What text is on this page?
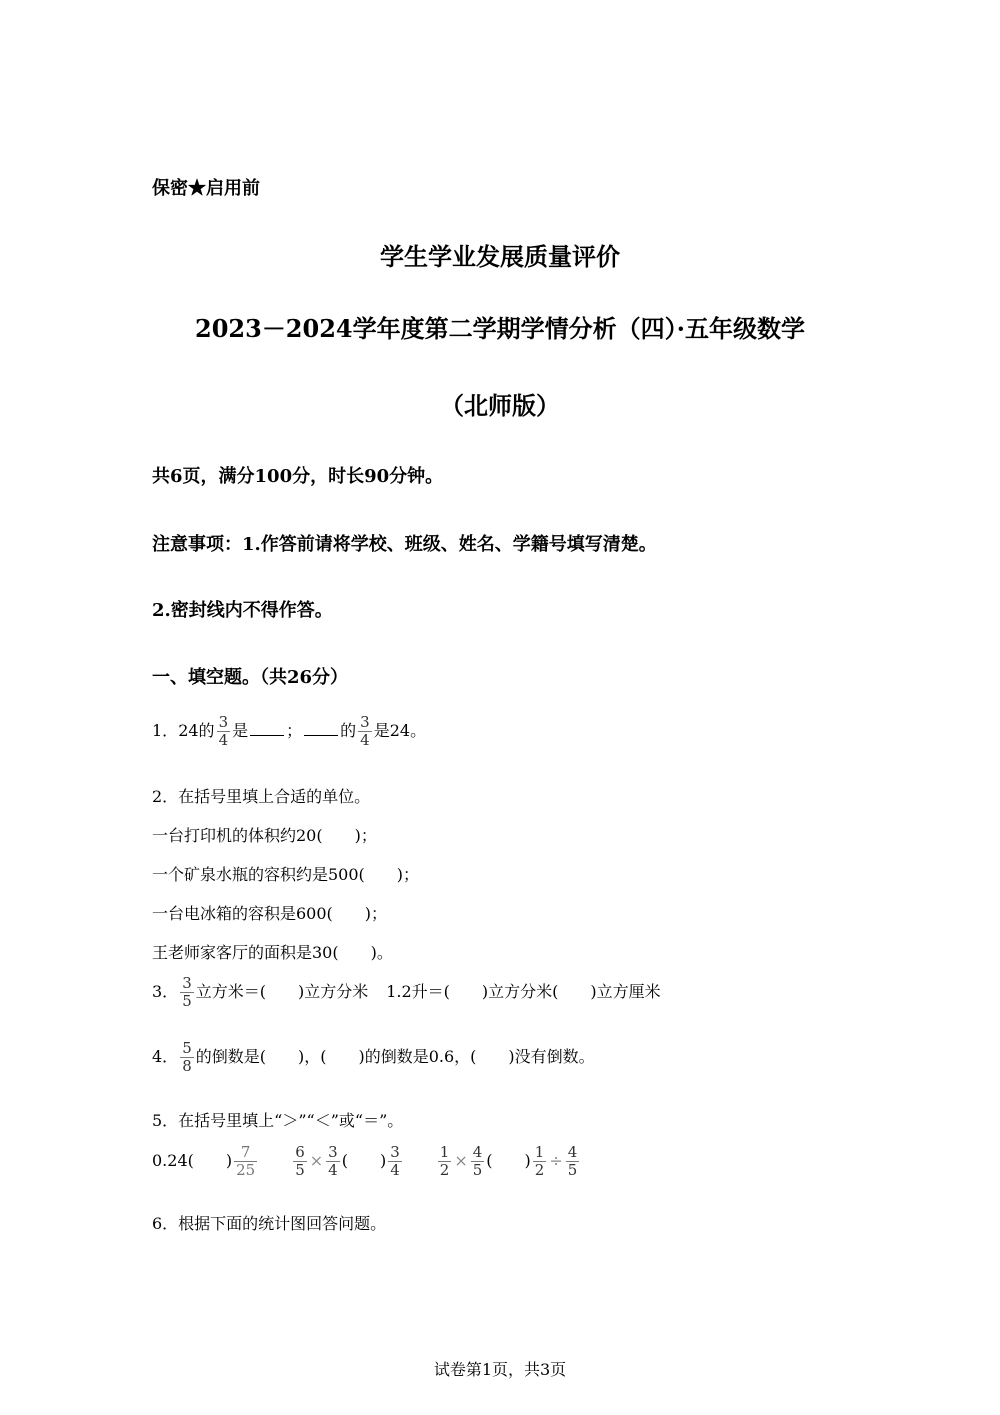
保密★启用前
学生学业发展质量评价
2023－2024学年度第二学期学情分析（四）·五年级数学
（北师版）
共6页，满分100分，时长90分钟。
注意事项：1.作答前请将学校、班级、姓名、学籍号填写清楚。
2.密封线内不得作答。
一、填空题。（共26分）
1．24的 $\frac{3}{4}$ 是 ； 的 $\frac{3}{4}$ 是24。
2．在括号里填上合适的单位。
一台打印机的体积约20(　　)；
一个矿泉水瓶的容积约是500(　　)；
一台电冰箱的容积是600(　　)；
王老师家客厅的面积是30(　　)。
3． $\frac{3}{5}$ 立方米＝(　　)立方分米 1.2升＝(　　)立方分米(　　)立方厘米
4． $\frac{5}{8}$ 的倒数是(　　)，(　　)的倒数是0.6，(　　)没有倒数。
5．在括号里填上“＞”“＜”或“＝”。
0.24(　　) $\frac{7}{25} \frac{6}{5} \times \frac{3}{4}$ (　　) $\frac{3}{4} \frac{1}{2} \times \frac{4}{5}$ (　　) $\frac{1}{2} \div \frac{4}{5}$
6．根据下面的统计图回答问题。
试卷第1页，共3页
